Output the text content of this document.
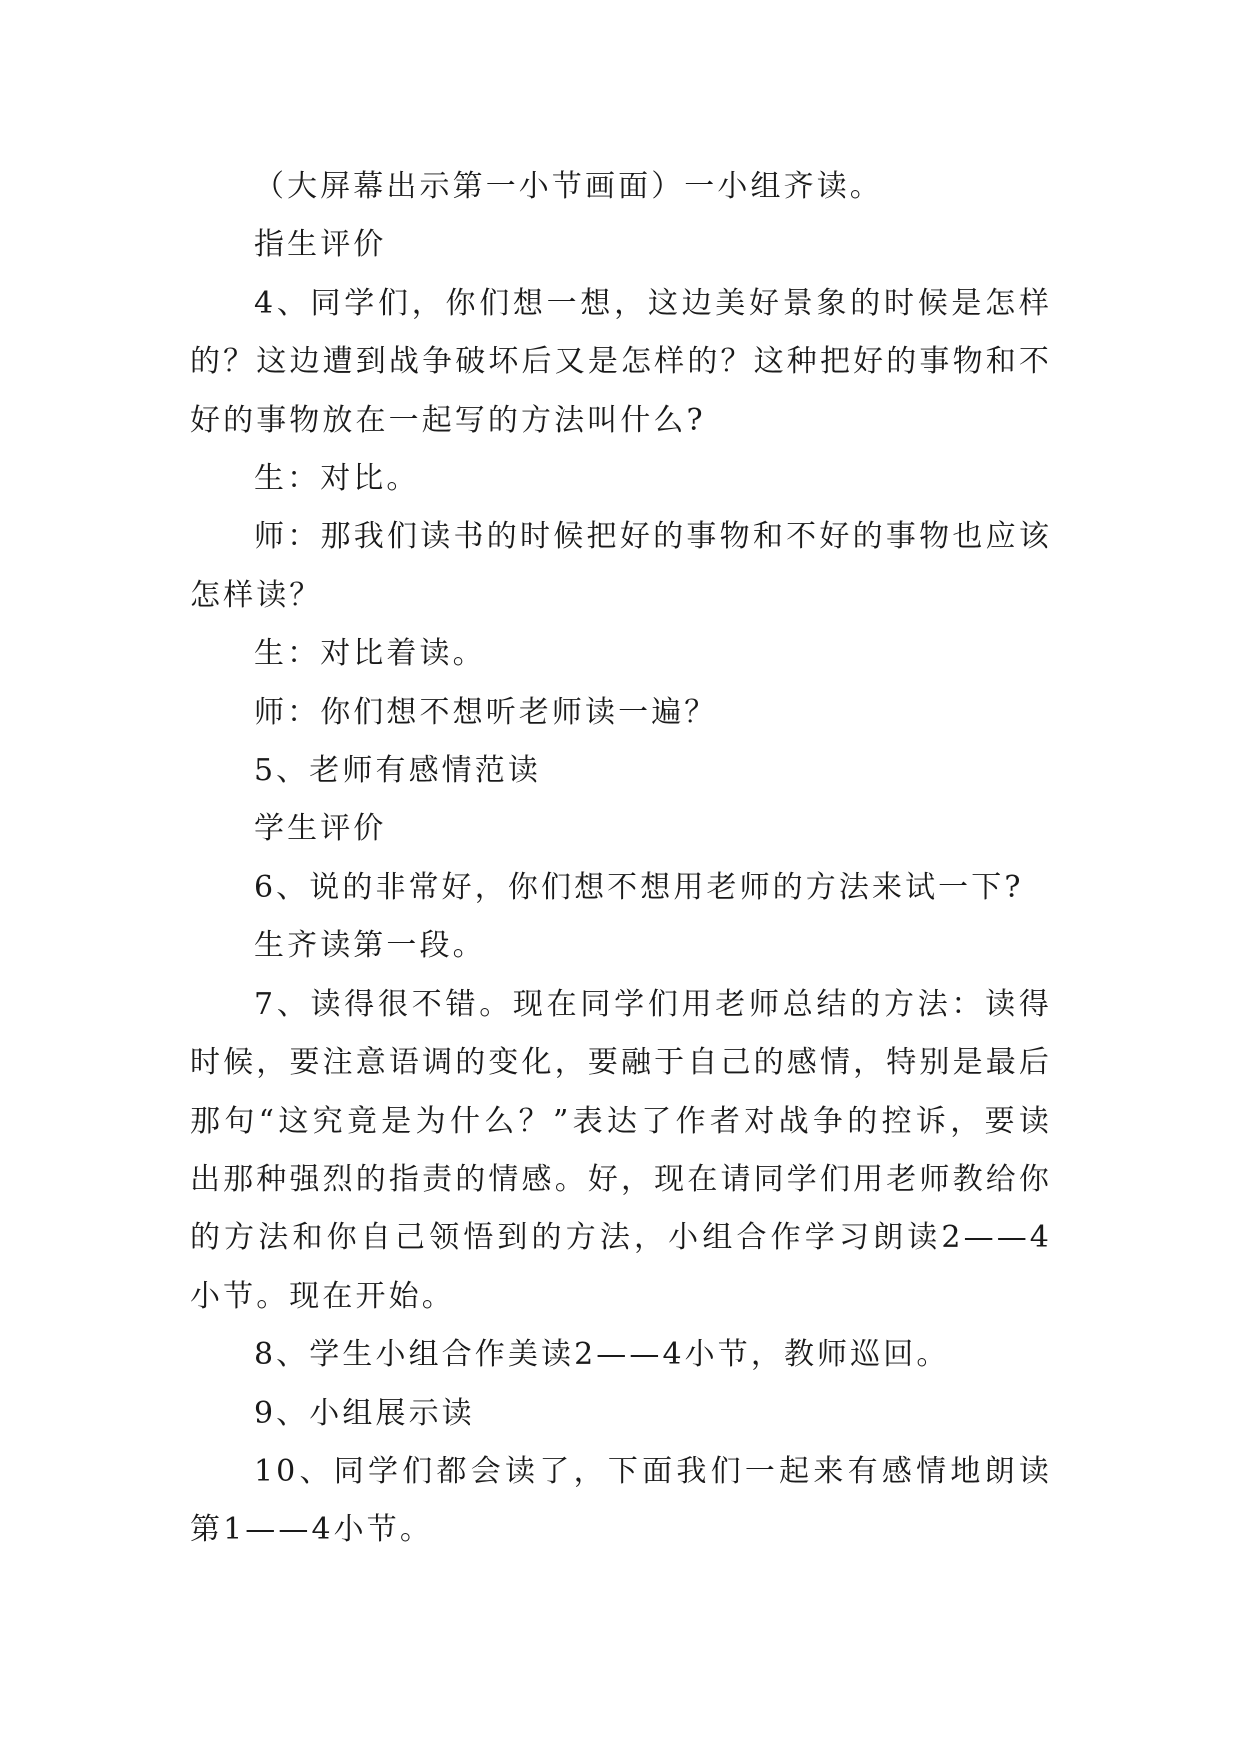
（大屏幕出示第一小节画面）一小组齐读。

指生评价

4、同学们，你们想一想，这边美好景象的时候是怎样的？这边遭到战争破坏后又是怎样的？这种把好的事物和不好的事物放在一起写的方法叫什么?

生：对比。

师：那我们读书的时候把好的事物和不好的事物也应该怎样读？

生：对比着读。

师：你们想不想听老师读一遍？

5、老师有感情范读

学生评价

6、说的非常好，你们想不想用老师的方法来试一下?

生齐读第一段。

7、读得很不错。现在同学们用老师总结的方法：读得时候，要注意语调的变化，要融于自己的感情，特别是最后那句“这究竟是为什么？”表达了作者对战争的控诉，要读出那种强烈的指责的情感。好，现在请同学们用老师教给你的方法和你自己领悟到的方法，小组合作学习朗读2——4小节。现在开始。

8、学生小组合作美读2——4小节，教师巡回。

9、小组展示读

10、同学们都会读了，下面我们一起来有感情地朗读第1——4小节。
